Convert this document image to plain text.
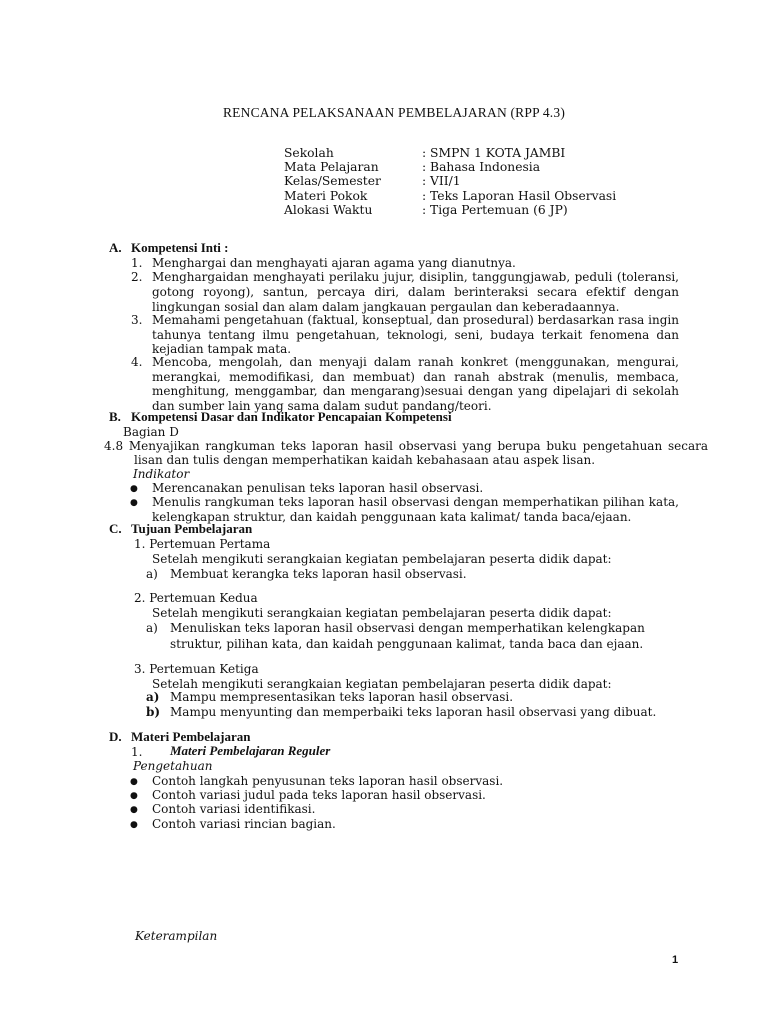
RENCANA PELAKSANAAN PEMBELAJARAN (RPP 4.3)
Sekolah	: SMPN 1 KOTA JAMBI
Mata Pelajaran	: Bahasa Indonesia
Kelas/Semester	: VII/1
Materi Pokok	: Teks Laporan Hasil Observasi
Alokasi Waktu	: Tiga Pertemuan (6 JP)
A. Kompetensi Inti :
1. Menghargai dan menghayati ajaran agama yang dianutnya.
2. Menghargaidan menghayati perilaku jujur, disiplin, tanggungjawab, peduli (toleransi, gotong royong), santun, percaya diri, dalam berinteraksi secara efektif dengan lingkungan sosial dan alam dalam jangkauan pergaulan dan keberadaannya.
3. Memahami pengetahuan (faktual, konseptual, dan prosedural) berdasarkan rasa ingin tahunya tentang ilmu pengetahuan, teknologi, seni, budaya terkait fenomena dan kejadian tampak mata.
4. Mencoba, mengolah, dan menyaji dalam ranah konkret (menggunakan, mengurai, merangkai, memodifikasi, dan membuat) dan ranah abstrak (menulis, membaca, menghitung, menggambar, dan mengarang)sesuai dengan yang dipelajari di sekolah dan sumber lain yang sama dalam sudut pandang/teori.
B. Kompetensi Dasar dan Indikator Pencapaian Kompetensi
Bagian D
4.8 Menyajikan rangkuman teks laporan hasil observasi yang berupa buku pengetahuan secara lisan dan tulis dengan memperhatikan kaidah kebahasaan atau aspek lisan.
Indikator
● Merencanakan penulisan teks laporan hasil observasi.
● Menulis rangkuman teks laporan hasil observasi dengan memperhatikan pilihan kata, kelengkapan struktur, dan kaidah penggunaan kata kalimat/ tanda baca/ejaan.
C. Tujuan Pembelajaran
1. Pertemuan Pertama
Setelah mengikuti serangkaian kegiatan pembelajaran peserta didik dapat:
a) Membuat kerangka teks laporan hasil observasi.
2. Pertemuan Kedua
Setelah mengikuti serangkaian kegiatan pembelajaran peserta didik dapat:
a) Menuliskan teks laporan hasil observasi dengan memperhatikan kelengkapan
struktur, pilihan kata, dan kaidah penggunaan kalimat, tanda baca dan ejaan.
3. Pertemuan Ketiga
Setelah mengikuti serangkaian kegiatan pembelajaran peserta didik dapat:
a) Mampu mempresentasikan teks laporan hasil observasi.
b) Mampu menyunting dan memperbaiki teks laporan hasil observasi yang dibuat.
D. Materi Pembelajaran
1. Materi Pembelajaran Reguler
Pengetahuan
● Contoh langkah penyusunan teks laporan hasil observasi.
● Contoh variasi judul pada teks laporan hasil observasi.
● Contoh variasi identifikasi.
● Contoh variasi rincian bagian.
Keterampilan
1
